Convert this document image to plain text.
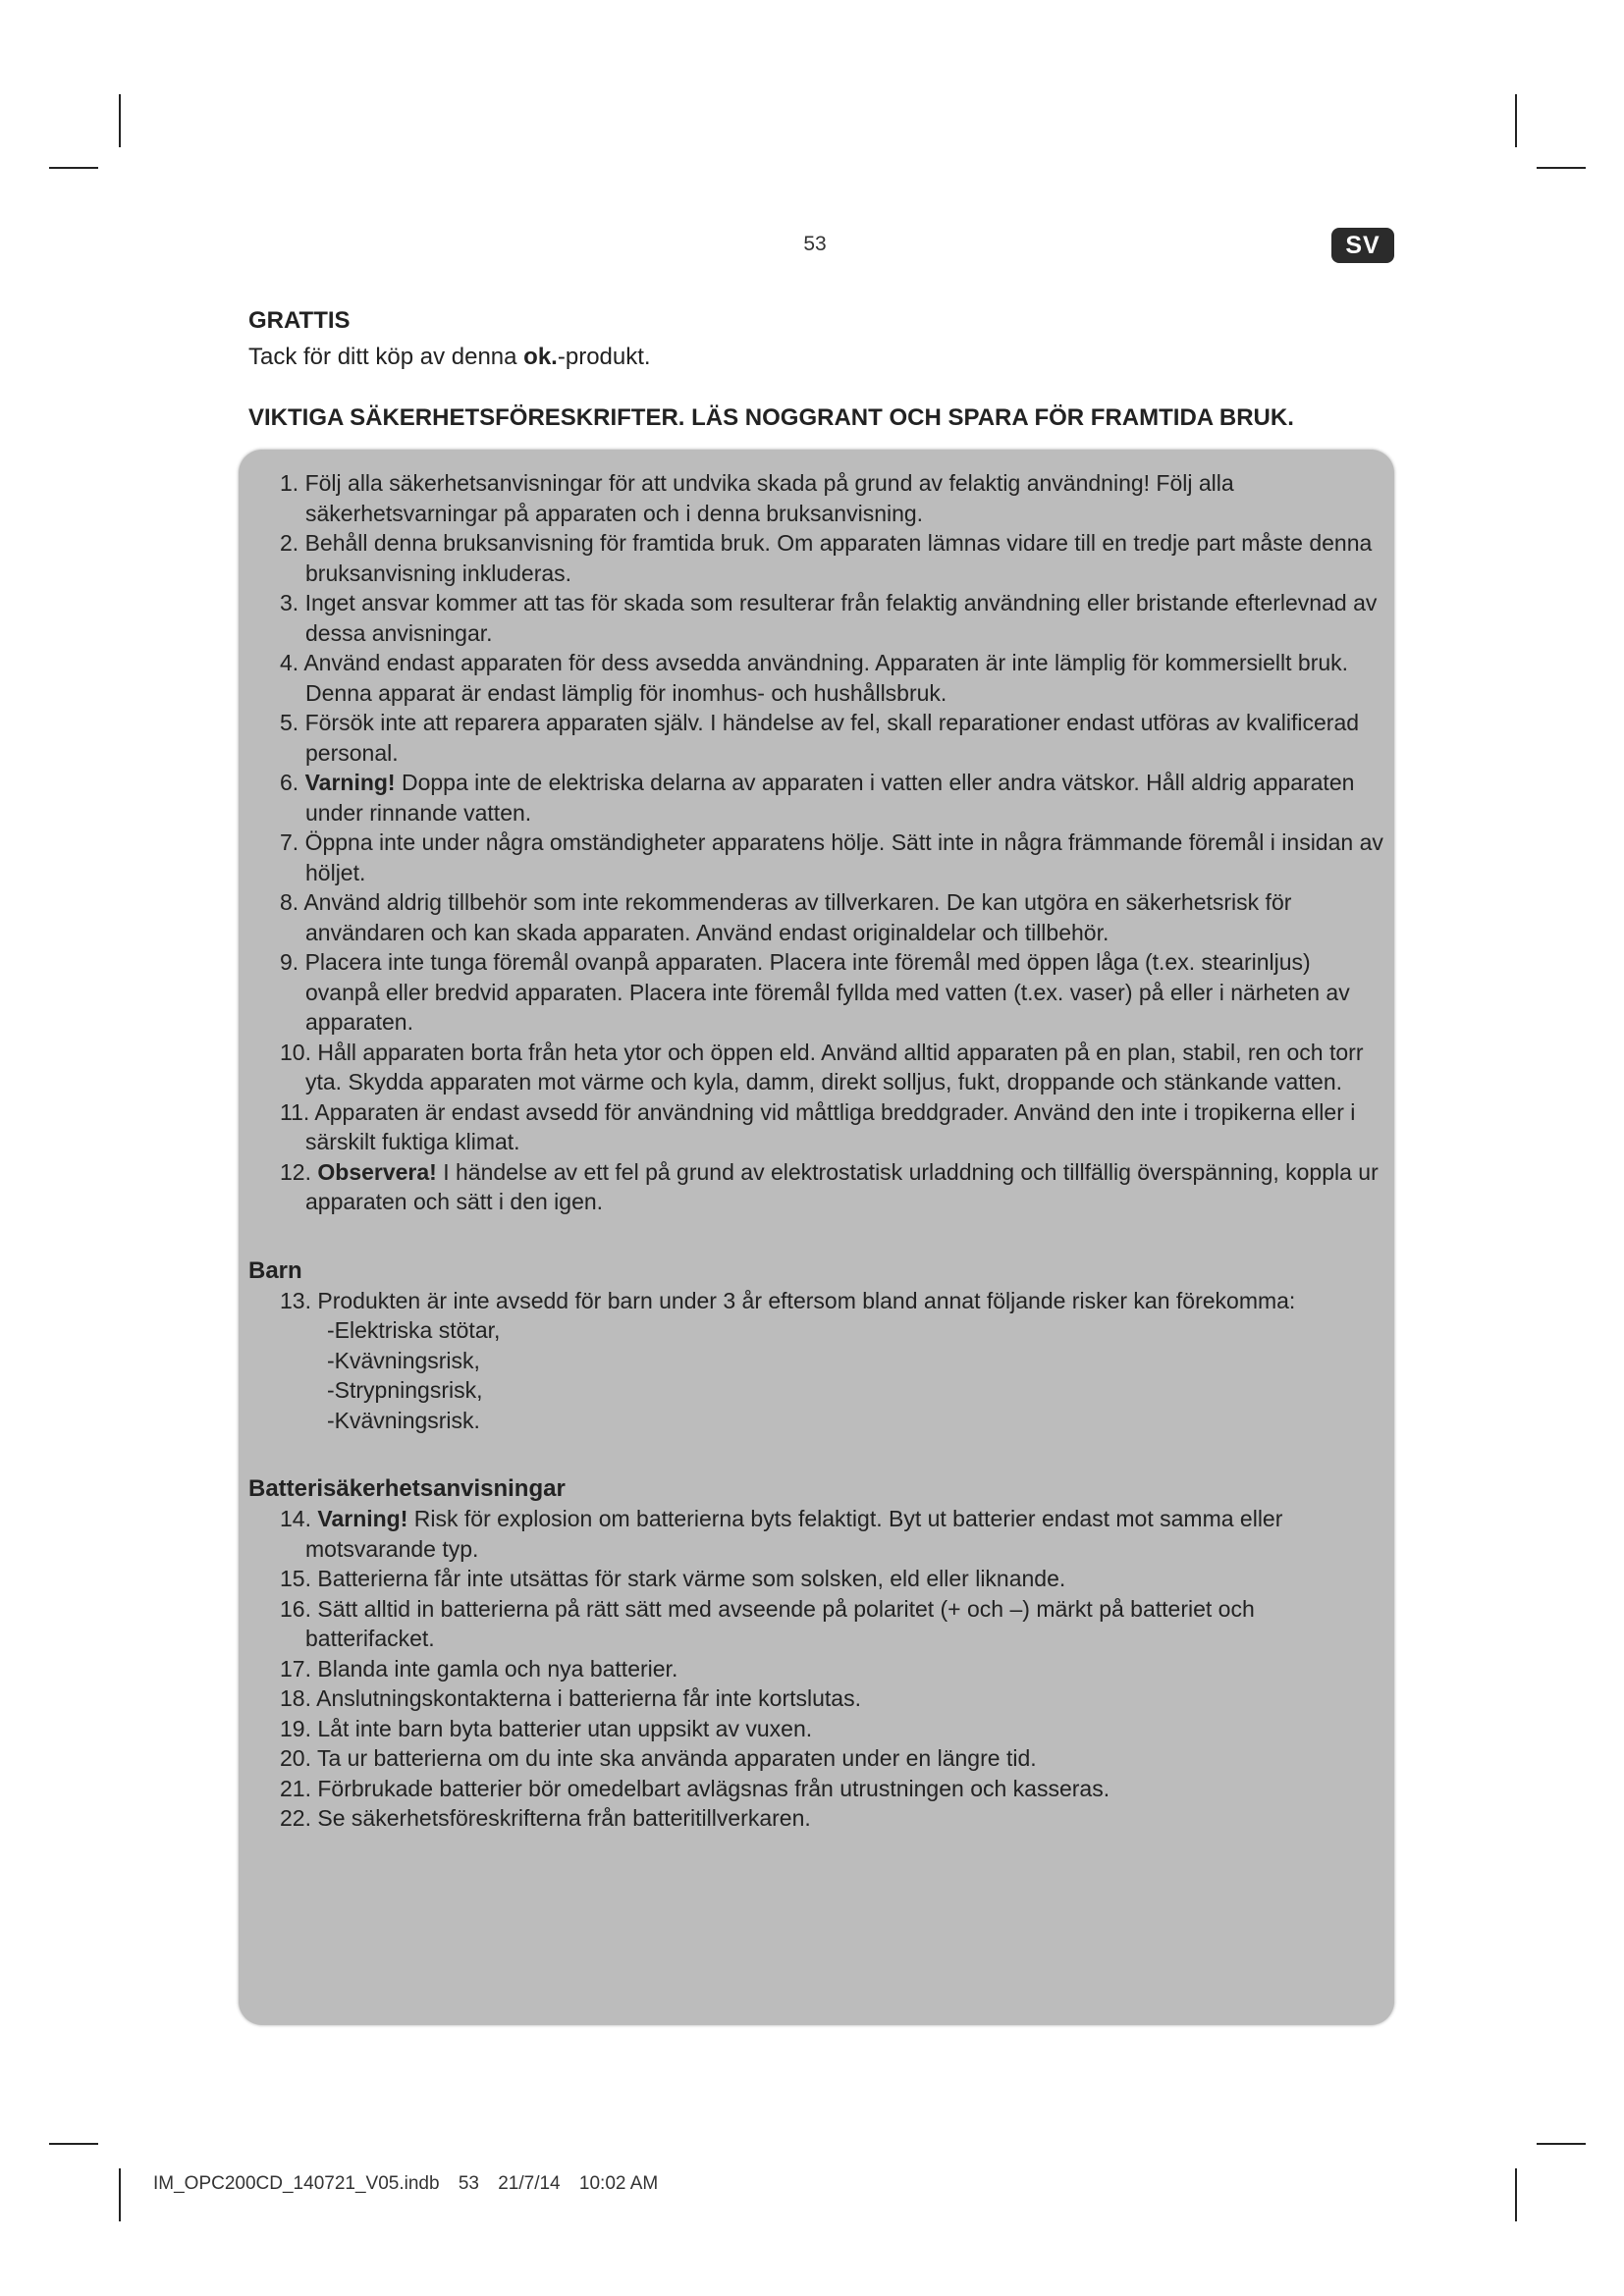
53	SV
GRATTIS
Tack för ditt köp av denna ok.-produkt.
VIKTIGA SÄKERHETSFÖRESKRIFTER. LÄS NOGGRANT OCH SPARA FÖR FRAMTIDA BRUK.
1. Följ alla säkerhetsanvisningar för att undvika skada på grund av felaktig användning! Följ alla säkerhetsvarningar på apparaten och i denna bruksanvisning.
2. Behåll denna bruksanvisning för framtida bruk. Om apparaten lämnas vidare till en tredje part måste denna bruksanvisning inkluderas.
3. Inget ansvar kommer att tas för skada som resulterar från felaktig användning eller bristande efterlevnad av dessa anvisningar.
4. Använd endast apparaten för dess avsedda användning. Apparaten är inte lämplig för kommersiellt bruk. Denna apparat är endast lämplig för inomhus- och hushållsbruk.
5. Försök inte att reparera apparaten själv. I händelse av fel, skall reparationer endast utföras av kvalificerad personal.
6. Varning! Doppa inte de elektriska delarna av apparaten i vatten eller andra vätskor. Håll aldrig apparaten under rinnande vatten.
7. Öppna inte under några omständigheter apparatens hölje. Sätt inte in några främmande föremål i insidan av höljet.
8. Använd aldrig tillbehör som inte rekommenderas av tillverkaren. De kan utgöra en säkerhetsrisk för användaren och kan skada apparaten. Använd endast originaldelar och tillbehör.
9. Placera inte tunga föremål ovanpå apparaten. Placera inte föremål med öppen låga (t.ex. stearinljus) ovanpå eller bredvid apparaten. Placera inte föremål fyllda med vatten (t.ex. vaser) på eller i närheten av apparaten.
10. Håll apparaten borta från heta ytor och öppen eld. Använd alltid apparaten på en plan, stabil, ren och torr yta. Skydda apparaten mot värme och kyla, damm, direkt solljus, fukt, droppande och stänkande vatten.
11. Apparaten är endast avsedd för användning vid måttliga breddgrader. Använd den inte i tropikerna eller i särskilt fuktiga klimat.
12. Observera! I händelse av ett fel på grund av elektrostatisk urladdning och tillfällig överspänning, koppla ur apparaten och sätt i den igen.
Barn
13. Produkten är inte avsedd för barn under 3 år eftersom bland annat följande risker kan förekomma:
-Elektriska stötar,
-Kvävningsrisk,
-Strypningsrisk,
-Kvävningsrisk.
Batterisäkerhetsanvisningar
14. Varning! Risk för explosion om batterierna byts felaktigt. Byt ut batterier endast mot samma eller motsvarande typ.
15. Batterierna får inte utsättas för stark värme som solsken, eld eller liknande.
16. Sätt alltid in batterierna på rätt sätt med avseende på polaritet (+ och –) märkt på batteriet och batterifacket.
17. Blanda inte gamla och nya batterier.
18. Anslutningskontakterna i batterierna får inte kortslutas.
19. Låt inte barn byta batterier utan uppsikt av vuxen.
20. Ta ur batterierna om du inte ska använda apparaten under en längre tid.
21. Förbrukade batterier bör omedelbart avlägsnas från utrustningen och kasseras.
22. Se säkerhetsföreskrifterna från batteritillverkaren.
IM_OPC200CD_140721_V05.indb 53 21/7/14 10:02 AM
